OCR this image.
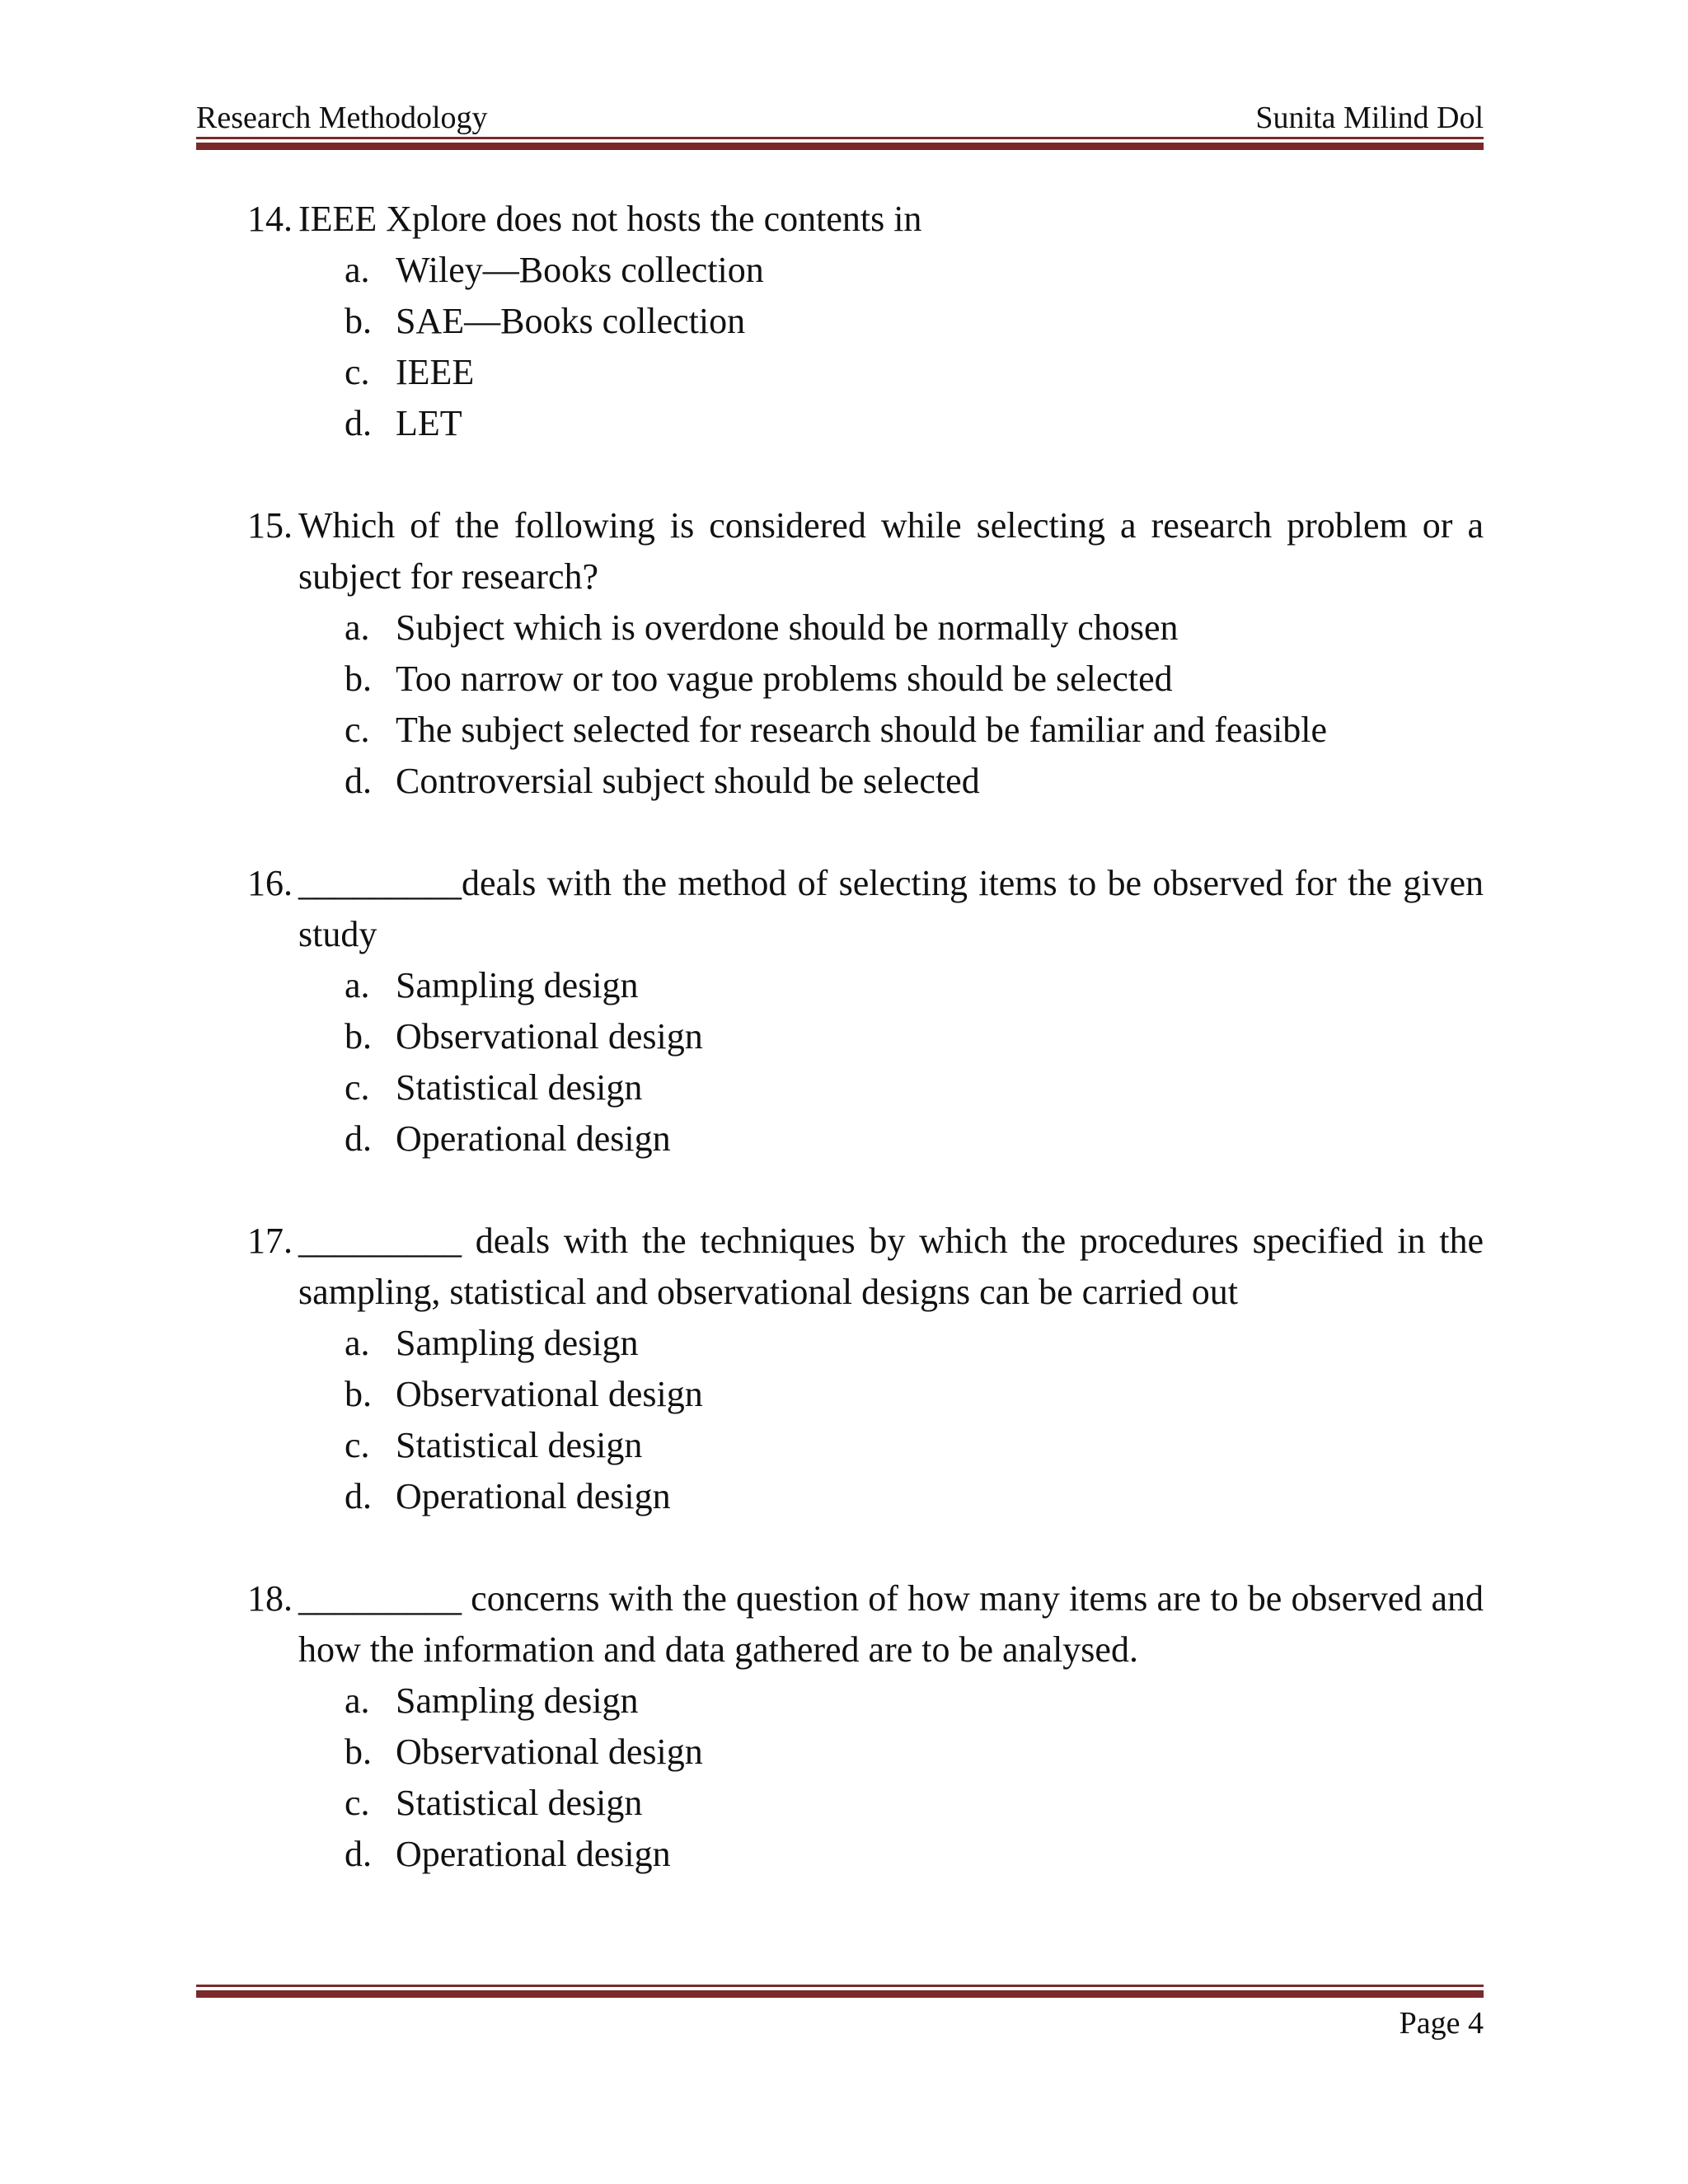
Research Methodology	Sunita Milind Dol
14. IEEE Xplore does not hosts the contents in
a. Wiley—Books collection
b. SAE—Books collection
c. IEEE
d. LET
15. Which of the following is considered while selecting a research problem or a subject for research?
a. Subject which is overdone should be normally chosen
b. Too narrow or too vague problems should be selected
c. The subject selected for research should be familiar and feasible
d. Controversial subject should be selected
16. _________deals with the method of selecting items to be observed for the given study
a. Sampling design
b. Observational design
c. Statistical design
d. Operational design
17. _________ deals with the techniques by which the procedures specified in the sampling, statistical and observational designs can be carried out
a. Sampling design
b. Observational design
c. Statistical design
d. Operational design
18. _________ concerns with the question of how many items are to be observed and how the information and data gathered are to be analysed.
a. Sampling design
b. Observational design
c. Statistical design
d. Operational design
Page 4
